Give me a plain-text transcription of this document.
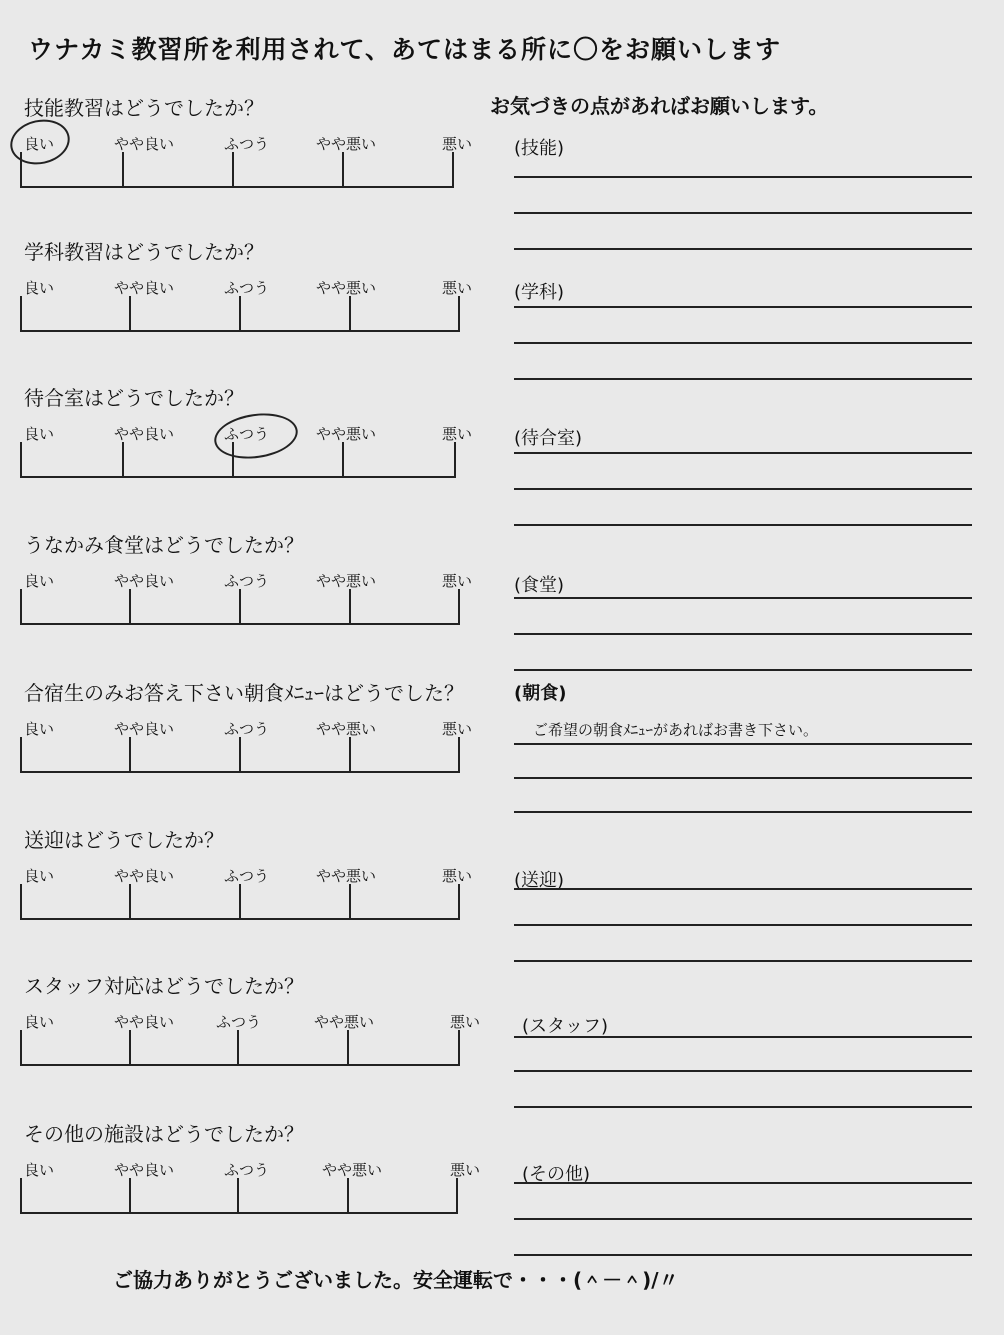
ウナカミ教習所を利用されて、あてはまる所に〇をお願いします
お気づきの点があればお願いします。
技能教習はどうでしたか？
良い	やや良い	ふつう	やや悪い	悪い (技能)
学科教習はどうでしたか？
良い	やや良い	ふつう	やや悪い	悪い (学科)
待合室はどうでしたか？
良い	やや良い	ふつう	やや悪い	悪い (待合室)
うなかみ食堂はどうでしたか？
良い	やや良い	ふつう	やや悪い	悪い (食堂)
合宿生のみお答え下さい朝食ﾒﾆｭｰはどうでした？
良い	やや良い	ふつう	やや悪い	悪い
(朝食)
ご希望の朝食ﾒﾆｭｰがあればお書き下さい。
送迎はどうでしたか？
良い	やや良い	ふつう	やや悪い	悪い (送迎)
スタッフ対応はどうでしたか？
良い	やや良い	ふつう	やや悪い	悪い (スタッフ)
その他の施設はどうでしたか？
良い	やや良い	ふつう	やや悪い	悪い (その他)
ご協力ありがとうございました。安全運転で・・・(＾－＾)/〃
